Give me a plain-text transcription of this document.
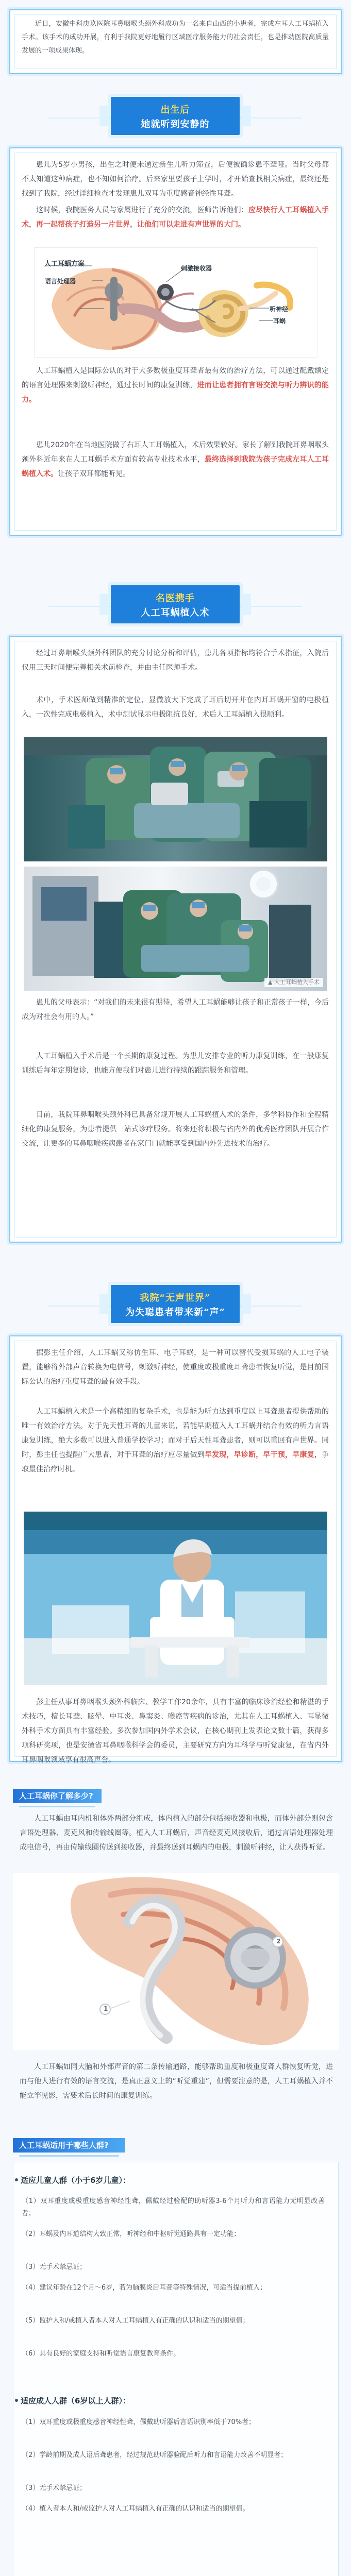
近日，安徽中科庚玖医院耳鼻咽喉头颈外科成功为一名来自山西的小患者，完成左耳人工耳蜗植入手术。该手术的成功开展，有利于我院更好地履行区域医疗服务能力的社会责任，也是推动医院高质量发展的一项成果体现。

出生后
她就听到安静的

患儿为5岁小男孩，出生之时便未通过新生儿听力筛查，后便被确诊患不聋哑。当时父母都不太知道这种病症，也不知如何治疗。后来家里要孩子上学时，才开始查找相关病症，最终还是找到了我院，经过详细检查才发现患儿双耳为重度感音神经性耳聋。

这时候，我院医务人员与家属进行了充分的交流，医师告诉他们：应尽快行人工耳蜗植入手术，再一起帮孩子打造另一片世界，让他们可以走进有声世界的大门。

人工耳蜗方案
语言处理器
刺激接收器
听神经
耳蜗

人工耳蜗植入是国际公认的对于大多数极重度耳聋者最有效的治疗方法，可以通过配戴额定的语言处理器来刺激听神经，通过长时间的康复训练，进而让患者拥有言语交流与听力辨识的能力。

患儿2020年在当地医院做了右耳人工耳蜗植入，术后效果较好。家长了解到我院耳鼻咽喉头颈外科近年来在人工耳蜗手术方面有较高专业技术水平，最终选择到我院为孩子完成左耳人工耳蜗植入术。让孩子双耳都能听见。

名医携手
人工耳蜗植入术

经过耳鼻咽喉头颈外科团队的充分讨论分析和评估，患儿各项指标均符合手术指征，入院后仅用三天时间便完善相关术前检查，并由主任医师手术。

术中，手术医师做到精准的定位，显微放大下完成了耳后切开并在内耳耳蜗开窗的电极植入，一次性完成电极植入，术中测试显示电极阻抗良好，术后人工耳蜗植入很顺利。

▲ 人工耳蜗植入手术

患儿的父母表示：“对我们的未来很有期待，希望人工耳蜗能够让孩子和正常孩子一样，今后成为对社会有用的人。”

人工耳蜗植入手术后是一个长期的康复过程。为患儿安排专业的听力康复训练，在一般康复训练后每年定期复诊，也能方便我们对患儿进行持续的跟踪服务和管理。

目前，我院耳鼻咽喉头颈外科已具备常规开展人工耳蜗植入术的条件，多学科协作和全程精细化的康复服务，为患者提供一站式诊疗服务。将来还将积极与省内外的优秀医疗团队开展合作交流，让更多的耳鼻咽喉疾病患者在家门口就能享受到国内外先进技术的治疗。

我院“无声世界”
为失聪患者带来新“声”

据彭主任介绍，人工耳蜗又称仿生耳、电子耳蜗，是一种可以替代受损耳蜗的人工电子装置，能够将外部声音转换为电信号，刺激听神经，使重度或极重度耳聋患者恢复听觉，是目前国际公认的治疗重度耳聋的最有效手段。

人工耳蜗植入术是一个高精细的复杂手术，也是能为听力达到重度以上耳聋患者提供帮助的唯一有效治疗方法。对于先天性耳聋的儿童来说，若能早期植入人工耳蜗并结合有效的听力言语康复训练，绝大多数可以进入普通学校学习；而对于后天性耳聋患者，则可以重回有声世界。同时，彭主任也提醒广大患者，对于耳聋的治疗应尽量做到早发现，早诊断，早干预，早康复，争取最佳治疗时机。

彭主任从事耳鼻咽喉头颈外科临床、教学工作20余年，具有丰富的临床诊治经验和精湛的手术技巧，擅长耳聋、眩晕、中耳炎、鼻窦炎、喉癌等疾病的诊治，尤其在人工耳蜗植入、耳显微外科手术方面具有丰富经验。多次参加国内外学术会议，在核心期刊上发表论文数十篇，获得多项科研奖项，也是安徽省耳鼻咽喉科学会的委员，主要研究方向为耳科学与听觉康复，在省内外耳鼻咽喉领域享有很高声誉。

人工耳蜗你了解多少?

人工耳蜗由耳内机和体外两部分组成，体内植入的部分包括接收器和电极，而体外部分则包含言语处理器、麦克风和传输线圈等。植入人工耳蜗后，声音经麦克风接收后，通过言语处理器处理成电信号，再由传输线圈传送到接收器，并最终送到耳蜗内的电极，刺激听神经，让人获得听觉。

1
2

人工耳蜗如同大脑和外部声音的第二条传输通路，能够帮助重度和极重度聋人群恢复听觉，进而与他人进行有效的语言交流，是真正意义上的“听觉重建”，但需要注意的是，人工耳蜗植入并不能立竿见影，需要术后长时间的康复训练。

人工耳蜗适用于哪些人群?

适应儿童人群（小于6岁儿童）：

（1）双耳重度或极重度感音神经性聋，佩戴经过验配的助听器3-6个月听力和言语能力无明显改善者；

（2）耳蜗及内耳道结构大致正常，听神经和中枢听觉通路具有一定功能；

（3）无手术禁忌证；

（4）建议年龄在12个月～6岁，若为脑膜炎后耳聋等特殊情况，可适当提前植入；

（5）监护人和/或植入者本人对人工耳蜗植入有正确的认识和适当的期望值；

（6）具有良好的家庭支持和听觉语言康复教育条件。

适应成人人群（6岁以上人群）：

（1）双耳重度或极重度感音神经性聋，佩戴助听器后言语识别率低于70%者；

（2）学龄前期及成人语后聋患者，经过规范助听器验配后听力和言语能力改善不明显者；

（3）无手术禁忌证；

（4）植入者本人和/或监护人对人工耳蜗植入有正确的认识和适当的期望值。
